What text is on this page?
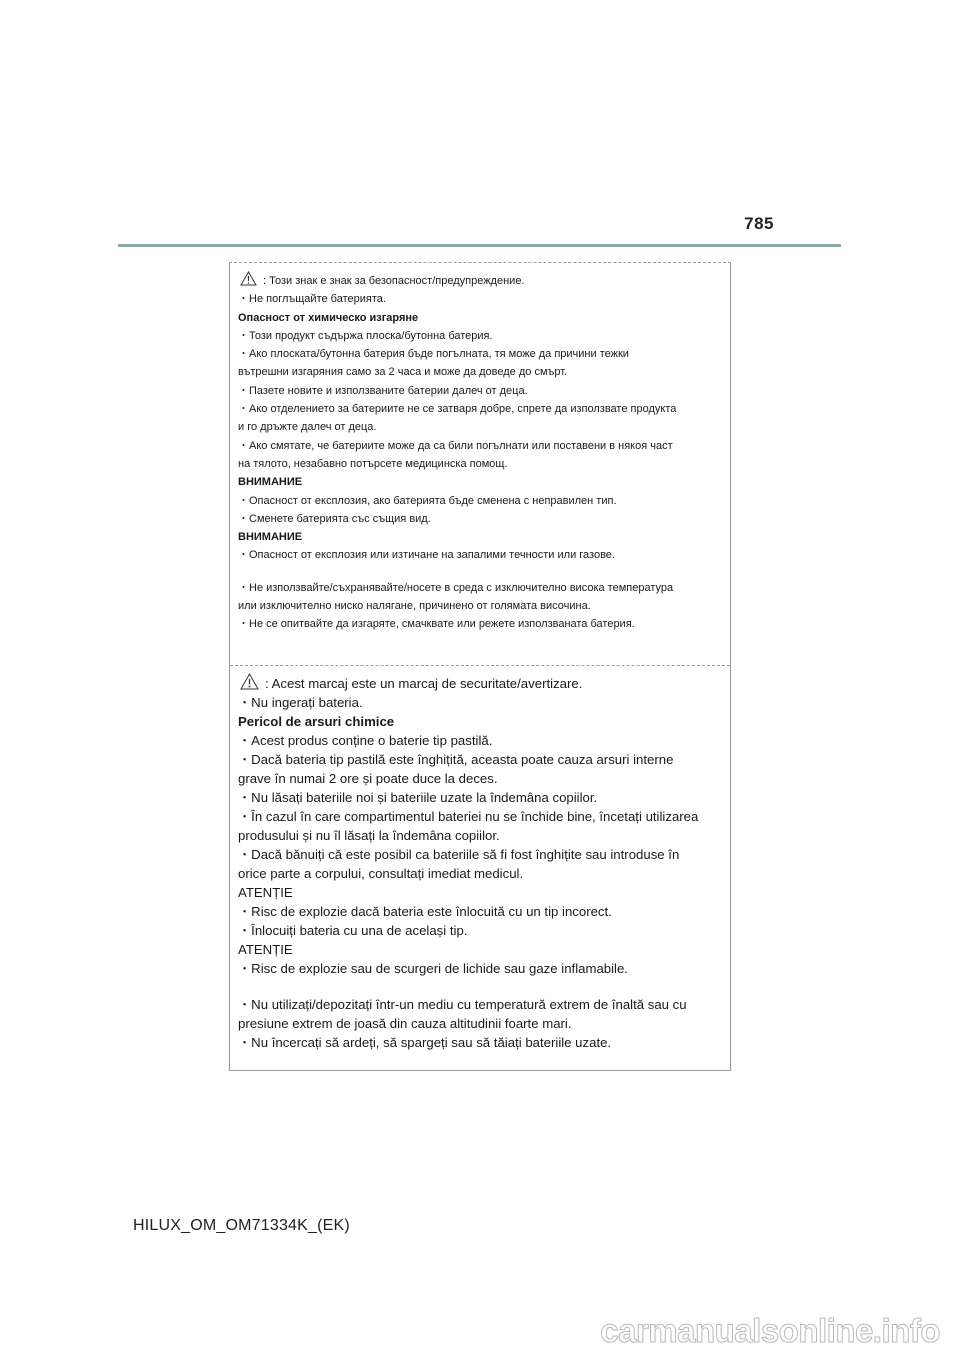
785
: Този знак е знак за безопасност/предупреждение.
・Не поглъщайте батерията.
Опасност от химическо изгаряне
・Този продукт съдържа плоска/бутонна батерия.
・Ако плоската/бутонна батерия бъде погълната, тя може да причини тежки
вътрешни изгаряния само за 2 часа и може да доведе до смърт.
・Пазете новите и използваните батерии далеч от деца.
・Ако отделението за батериите не се затваря добре, спрете да използвате продукта
и го дръжте далеч от деца.
・Ако смятате, че батериите може да са били погълнати или поставени в някоя част
на тялото, незабавно потърсете медицинска помощ.
ВНИМАНИЕ
・Опасност от експлозия, ако батерията бъде сменена с неправилен тип.
・Сменете батерията със същия вид.
ВНИМАНИЕ
・Опасност от експлозия или изтичане на запалими течности или газове.
・Не използвайте/съхранявайте/носете в среда с изключително висока температура
или изключително ниско налягане, причинено от голямата височина.
・Не се опитвайте да изгаряте, смачквате или режете използваната батерия.
: Acest marcaj este un marcaj de securitate/avertizare.
・Nu ingerați bateria.
Pericol de arsuri chimice
・Acest produs conține o baterie tip pastilă.
・Dacă bateria tip pastilă este înghițită, aceasta poate cauza arsuri interne
grave în numai 2 ore și poate duce la deces.
・Nu lăsați bateriile noi și bateriile uzate la îndemâna copiilor.
・În cazul în care compartimentul bateriei nu se închide bine, încetați utilizarea
produsului și nu îl lăsați la îndemâna copiilor.
・Dacă bănuiți că este posibil ca bateriile să fi fost înghițite sau introduse în
orice parte a corpului, consultați imediat medicul.
ATENȚIE
・Risc de explozie dacă bateria este înlocuită cu un tip incorect.
・Înlocuiți bateria cu una de același tip.
ATENȚIE
・Risc de explozie sau de scurgeri de lichide sau gaze inflamabile.
・Nu utilizați/depozitați într-un mediu cu temperatură extrem de înaltă sau cu
presiune extrem de joasă din cauza altitudinii foarte mari.
・Nu încercați să ardeți, să spargeți sau să tăiați bateriile uzate.
HILUX_OM_OM71334K_(EK)
carmanualsonline.info
